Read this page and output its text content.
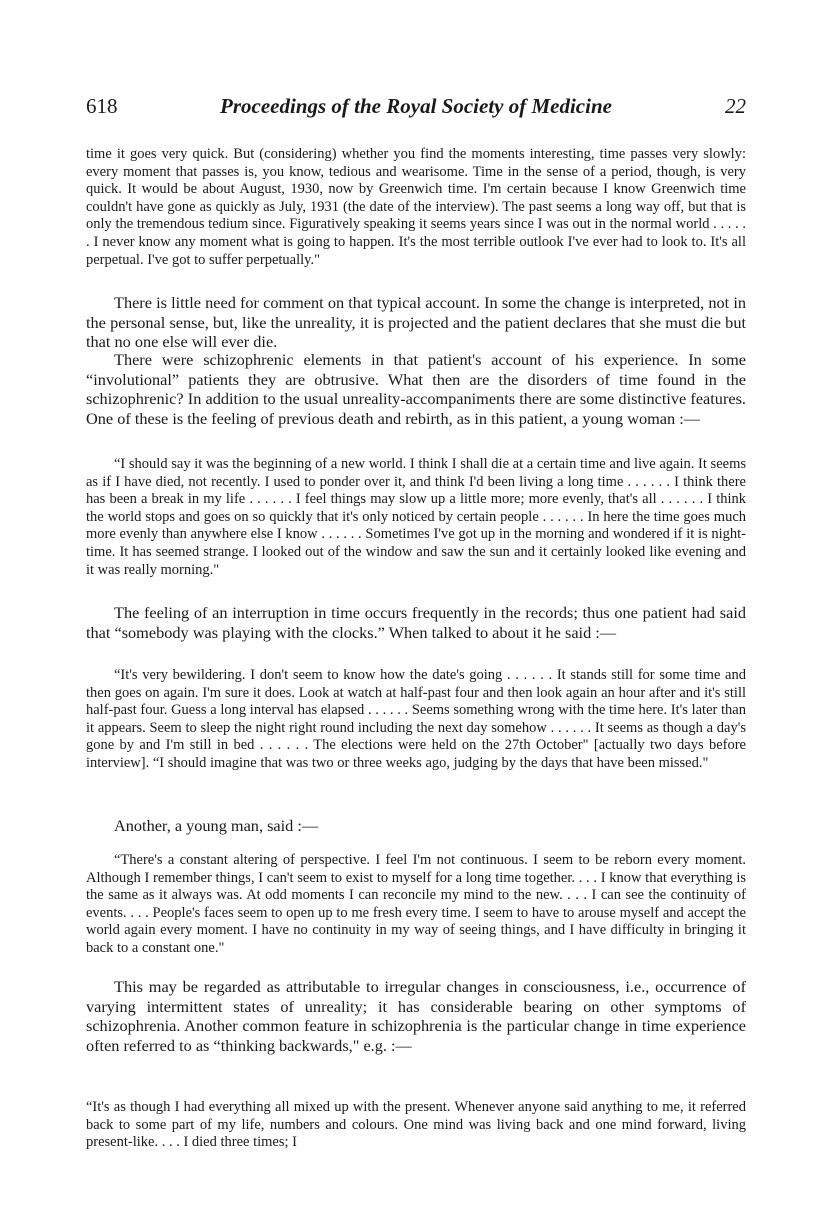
618	Proceedings of the Royal Society of Medicine	22

time it goes very quick. But (considering) whether you find the moments interesting, time passes very slowly: every moment that passes is, you know, tedious and wearisome. Time in the sense of a period, though, is very quick. It would be about August, 1930, now by Greenwich time. I'm certain because I know Greenwich time couldn't have gone as quickly as July, 1931 (the date of the interview). The past seems a long way off, but that is only the tremendous tedium since. Figuratively speaking it seems years since I was out in the normal world . . . . . . I never know any moment what is going to happen. It's the most terrible outlook I've ever had to look to. It's all perpetual. I've got to suffer perpetually."

There is little need for comment on that typical account. In some the change is interpreted, not in the personal sense, but, like the unreality, it is projected and the patient declares that she must die but that no one else will ever die.

There were schizophrenic elements in that patient's account of his experience. In some “involutional” patients they are obtrusive. What then are the disorders of time found in the schizophrenic? In addition to the usual unreality-accompaniments there are some distinctive features. One of these is the feeling of previous death and rebirth, as in this patient, a young woman :—

“I should say it was the beginning of a new world. I think I shall die at a certain time and live again. It seems as if I have died, not recently. I used to ponder over it, and think I'd been living a long time . . . . . . I think there has been a break in my life . . . . . . I feel things may slow up a little more; more evenly, that's all . . . . . . I think the world stops and goes on so quickly that it's only noticed by certain people . . . . . . In here the time goes much more evenly than anywhere else I know . . . . . . Sometimes I've got up in the morning and wondered if it is night-time. It has seemed strange. I looked out of the window and saw the sun and it certainly looked like evening and it was really morning."

The feeling of an interruption in time occurs frequently in the records; thus one patient had said that “somebody was playing with the clocks.” When talked to about it he said :—

“It's very bewildering. I don't seem to know how the date's going . . . . . . It stands still for some time and then goes on again. I'm sure it does. Look at watch at half-past four and then look again an hour after and it's still half-past four. Guess a long interval has elapsed . . . . . . Seems something wrong with the time here. It's later than it appears. Seem to sleep the night right round including the next day somehow . . . . . . It seems as though a day's gone by and I'm still in bed . . . . . . The elections were held on the 27th October" [actually two days before interview]. “I should imagine that was two or three weeks ago, judging by the days that have been missed."

Another, a young man, said :—

“There's a constant altering of perspective. I feel I'm not continuous. I seem to be reborn every moment. Although I remember things, I can't seem to exist to myself for a long time together. . . . I know that everything is the same as it always was. At odd moments I can reconcile my mind to the new. . . . I can see the continuity of events. . . . People's faces seem to open up to me fresh every time. I seem to have to arouse myself and accept the world again every moment. I have no continuity in my way of seeing things, and I have difficulty in bringing it back to a constant one."

This may be regarded as attributable to irregular changes in consciousness, i.e., occurrence of varying intermittent states of unreality; it has considerable bearing on other symptoms of schizophrenia. Another common feature in schizophrenia is the particular change in time experience often referred to as “thinking backwards," e.g. :—

“It's as though I had everything all mixed up with the present. Whenever anyone said anything to me, it referred back to some part of my life, numbers and colours. One mind was living back and one mind forward, living present-like. . . . I died three times; I
